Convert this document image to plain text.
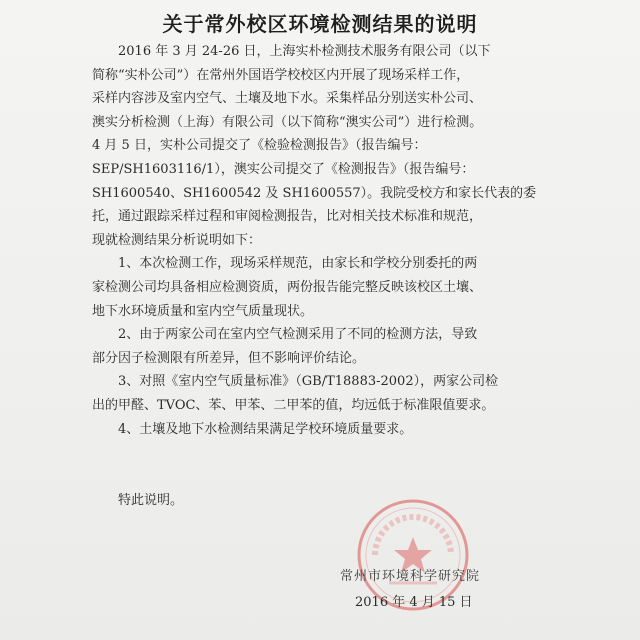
关于常外校区环境检测结果的说明
2016 年 3 月 24-26 日，上海实朴检测技术服务有限公司（以下
简称“实朴公司”）在常州外国语学校校区内开展了现场采样工作，
采样内容涉及室内空气、土壤及地下水。采集样品分别送实朴公司、
澳实分析检测（上海）有限公司（以下简称“澳实公司”）进行检测。
4 月 5 日，实朴公司提交了《检验检测报告》（报告编号：
SEP/SH1603116/1），澳实公司提交了《检测报告》（报告编号：
SH1600540、SH1600542 及 SH1600557）。我院受校方和家长代表的委
托，通过跟踪采样过程和审阅检测报告，比对相关技术标准和规范，
现就检测结果分析说明如下：
1、本次检测工作，现场采样规范，由家长和学校分别委托的两
家检测公司均具备相应检测资质，两份报告能完整反映该校区土壤、
地下水环境质量和室内空气质量现状。
2、由于两家公司在室内空气检测采用了不同的检测方法，导致
部分因子检测限有所差异，但不影响评价结论。
3、对照《室内空气质量标准》（GB/T18883-2002），两家公司检
出的甲醛、TVOC、苯、甲苯、二甲苯的值，均远低于标准限值要求。
4、土壤及地下水检测结果满足学校环境质量要求。
特此说明。
常州市环境科学研究院
2016 年 4 月 15 日
